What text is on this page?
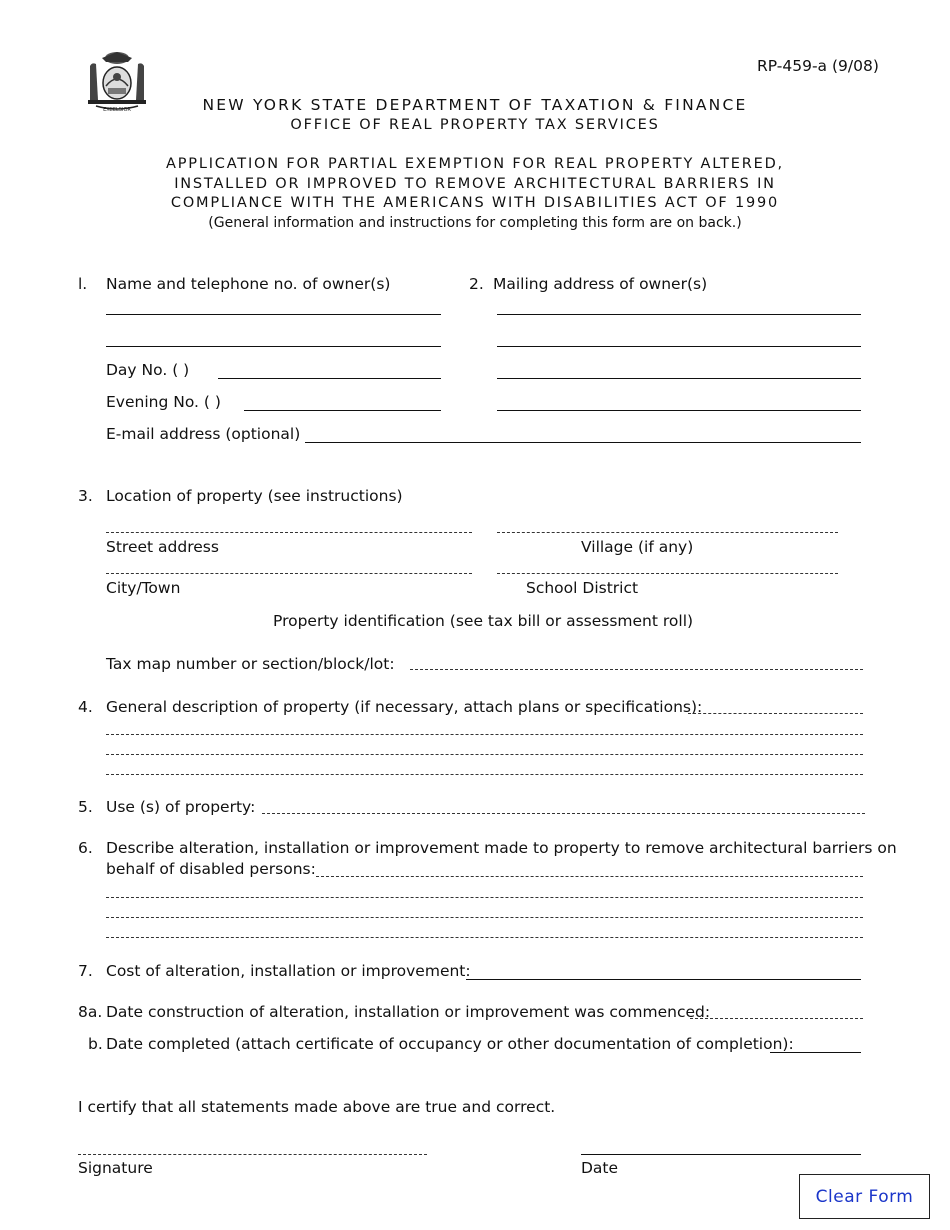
EXCELSIOR
RP-459-a (9/08)
NEW YORK STATE DEPARTMENT OF TAXATION & FINANCE
OFFICE OF REAL PROPERTY TAX SERVICES
APPLICATION FOR PARTIAL EXEMPTION FOR REAL PROPERTY ALTERED,
INSTALLED OR IMPROVED TO REMOVE ARCHITECTURAL BARRIERS IN
COMPLIANCE WITH THE AMERICANS WITH DISABILITIES ACT OF 1990
(General information and instructions for completing this form are on back.)
l. Name and telephone no. of owner(s)
Day No. ( )
Evening No. ( )
E-mail address (optional)
2. Mailing address of owner(s)
3. Location of property (see instructions)
Street address	Village (if any)
City/Town	School District
Property identification (see tax bill or assessment roll)
Tax map number or section/block/lot:
4. General description of property (if necessary, attach plans or specifications):
5. Use (s) of property:
6. Describe alteration, installation or improvement made to property to remove architectural barriers on
behalf of disabled persons:
7. Cost of alteration, installation or improvement:
8a. Date construction of alteration, installation or improvement was commenced:
b. Date completed (attach certificate of occupancy or other documentation of completion):
I certify that all statements made above are true and correct.
Signature	Date
Clear Form
